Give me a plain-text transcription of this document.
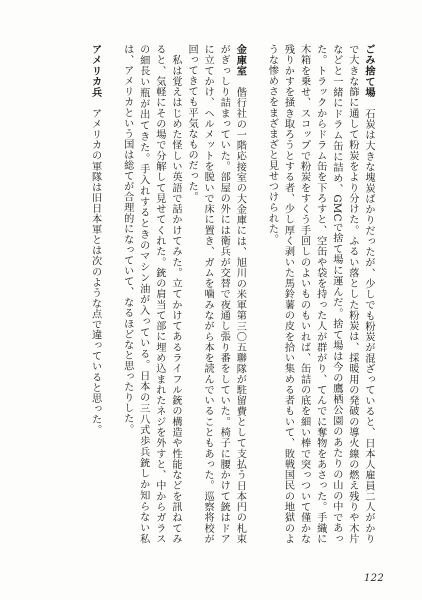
ごみ捨て場　石炭は大きな塊炭ばかりだったが、少しでも粉炭が混ざっていると、日本人雇員二人がかりで大きな篩に通して粉炭をより分けた。ふるい落とした粉炭は、採暖用の発破の導火線の燃え残りや木片などと一緒にドラム缶に詰め、GMCで捨て場に運んだ。捨て場は今の鷹栖公園のあたりの山の中であった。トラックからドラム缶を下ろすと、空缶や袋を持った人が群がり、てんでに奪物をあさった。手織に木箱を乗せ、スコップで粉炭をすくう手回しのよいものもいれば、缶詰の底を細い棒で突っついて僅かな残りかすを掻き取ろうとする者、少し厚く剥いた馬鈴薯の皮を拾い集める者もいて、敗戦国民の地獄のような惨めさをまざまざと見せつけられた。

金庫室　偕行社の一階応接室の大金庫には、旭川の米軍第三〇五聯隊が駐留費として支払う日本円の札束がぎっしり詰まっていた。部屋の外には衛兵が交替で夜通し張り番をしていた。椅子に腰かけて銃はドアに立てかけ、ヘルメットを脱いで床に置き、ガムを噛みながら本を読んでいることもあった。巡察将校が回ってきても平気なものだった。

　私は覚えはじめた怪しい英語で話かけてみた。立てかけてあるライフル銃の構造や性能などを訊ねてみると、気軽にその場で分解して見せてくれた。銃の肩当て部に埋め込まれたネジを外すと、中からガラスの細長い瓶が出てきた。手入れするときのマシン油が入っている。日本の三八式歩兵銃しか知らない私は、アメリカという国は総てが合理的になっていて、なるほどなと思ったりした。

アメリカ兵　アメリカの軍隊は旧日本軍とは次のような点で違っていると思った。

122
